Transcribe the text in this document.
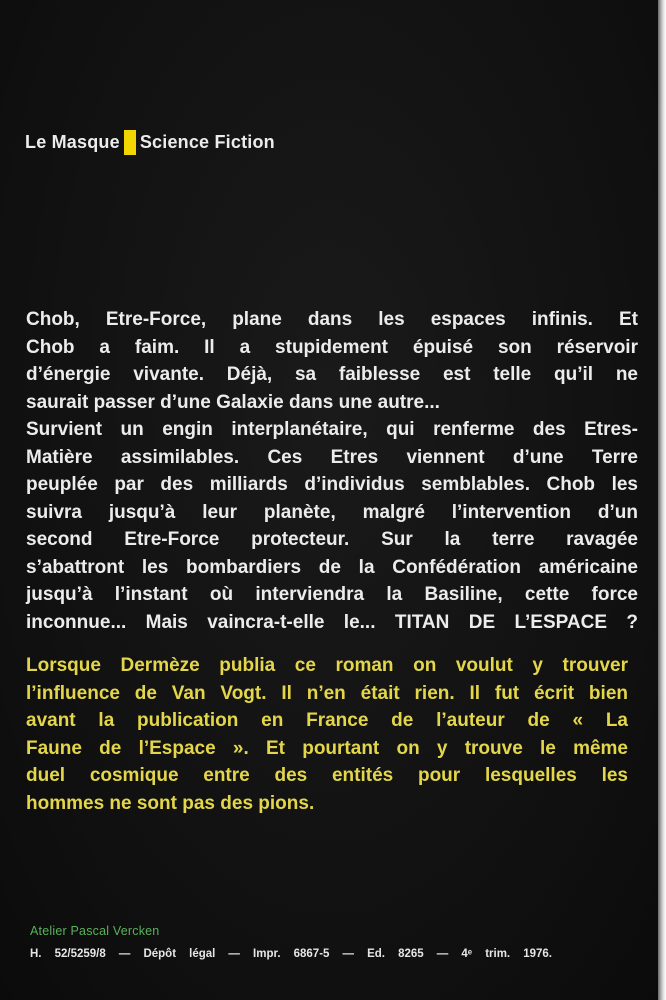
Le Masque Science Fiction
Chob, Etre-Force, plane dans les espaces infinis. Et
Chob a faim. Il a stupidement épuisé son réservoir
d’énergie vivante. Déjà, sa faiblesse est telle qu’il ne
saurait passer d’une Galaxie dans une autre...
Survient un engin interplanétaire, qui renferme des Etres-
Matière assimilables. Ces Etres viennent d’une Terre
peuplée par des milliards d’individus semblables. Chob les
suivra jusqu’à leur planète, malgré l’intervention d’un
second Etre-Force protecteur. Sur la terre ravagée
s’abattront les bombardiers de la Confédération américaine
jusqu’à l’instant où interviendra la Basiline, cette force
inconnue... Mais vaincra-t-elle le... TITAN DE L’ESPACE ?
Lorsque Dermèze publia ce roman on voulut y trouver
l’influence de Van Vogt. Il n’en était rien. Il fut écrit bien
avant la publication en France de l’auteur de « La
Faune de l’Espace ». Et pourtant on y trouve le même
duel cosmique entre des entités pour lesquelles les
hommes ne sont pas des pions.
Atelier Pascal Vercken
H. 52/5259/8 — Dépôt légal — Impr. 6867-5 — Ed. 8265 — 4ᵉ trim. 1976.
